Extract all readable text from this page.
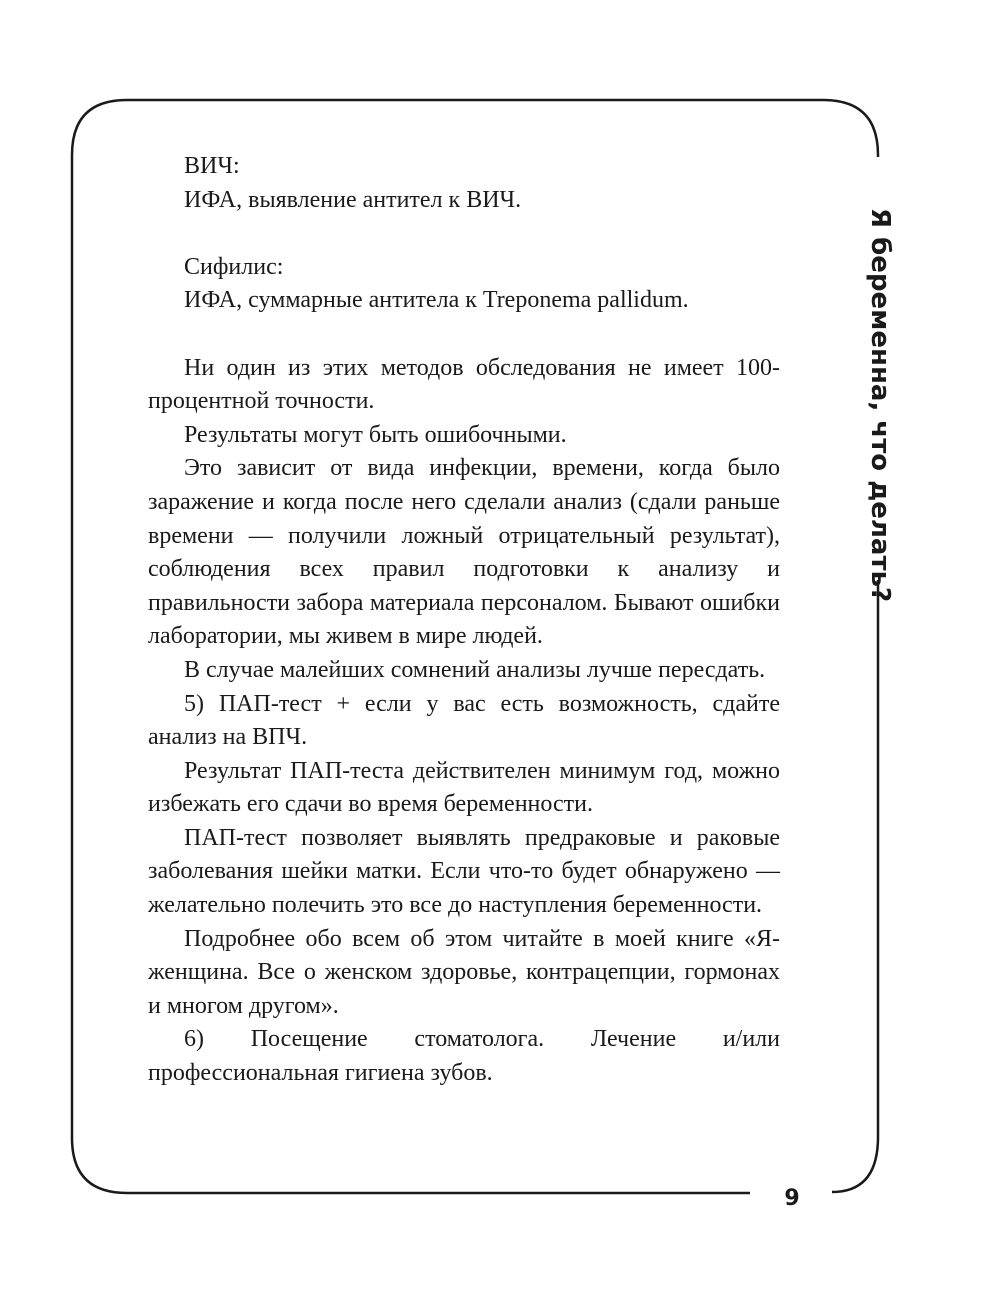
ВИЧ:

ИФА, выявление антител к ВИЧ.

Сифилис:

ИФА, суммарные антитела к Treponema pallidum.

Ни один из этих методов обследования не имеет 100-процентной точности.

Результаты могут быть ошибочными.

Это зависит от вида инфекции, времени, когда было заражение и когда после него сделали анализ (сдали раньше времени — получили ложный отрицательный результат), соблюдения всех правил подготовки к анализу и правильности забора материала персоналом. Бывают ошибки лаборатории, мы живем в мире людей.

В случае малейших сомнений анализы лучше пересдать.

5) ПАП-тест + если у вас есть возможность, сдайте анализ на ВПЧ.

Результат ПАП-теста действителен минимум год, можно избежать его сдачи во время беременности.

ПАП-тест позволяет выявлять предраковые и раковые заболевания шейки матки. Если что-то будет обнаружено — желательно полечить это все до наступления беременности.

Подробнее обо всем об этом читайте в моей книге «Я-женщина. Все о женском здоровье, контрацепции, гормонах и многом другом».

6) Посещение стоматолога. Лечение и/или профессиональная гигиена зубов.

Я беременна, что делать?
9
